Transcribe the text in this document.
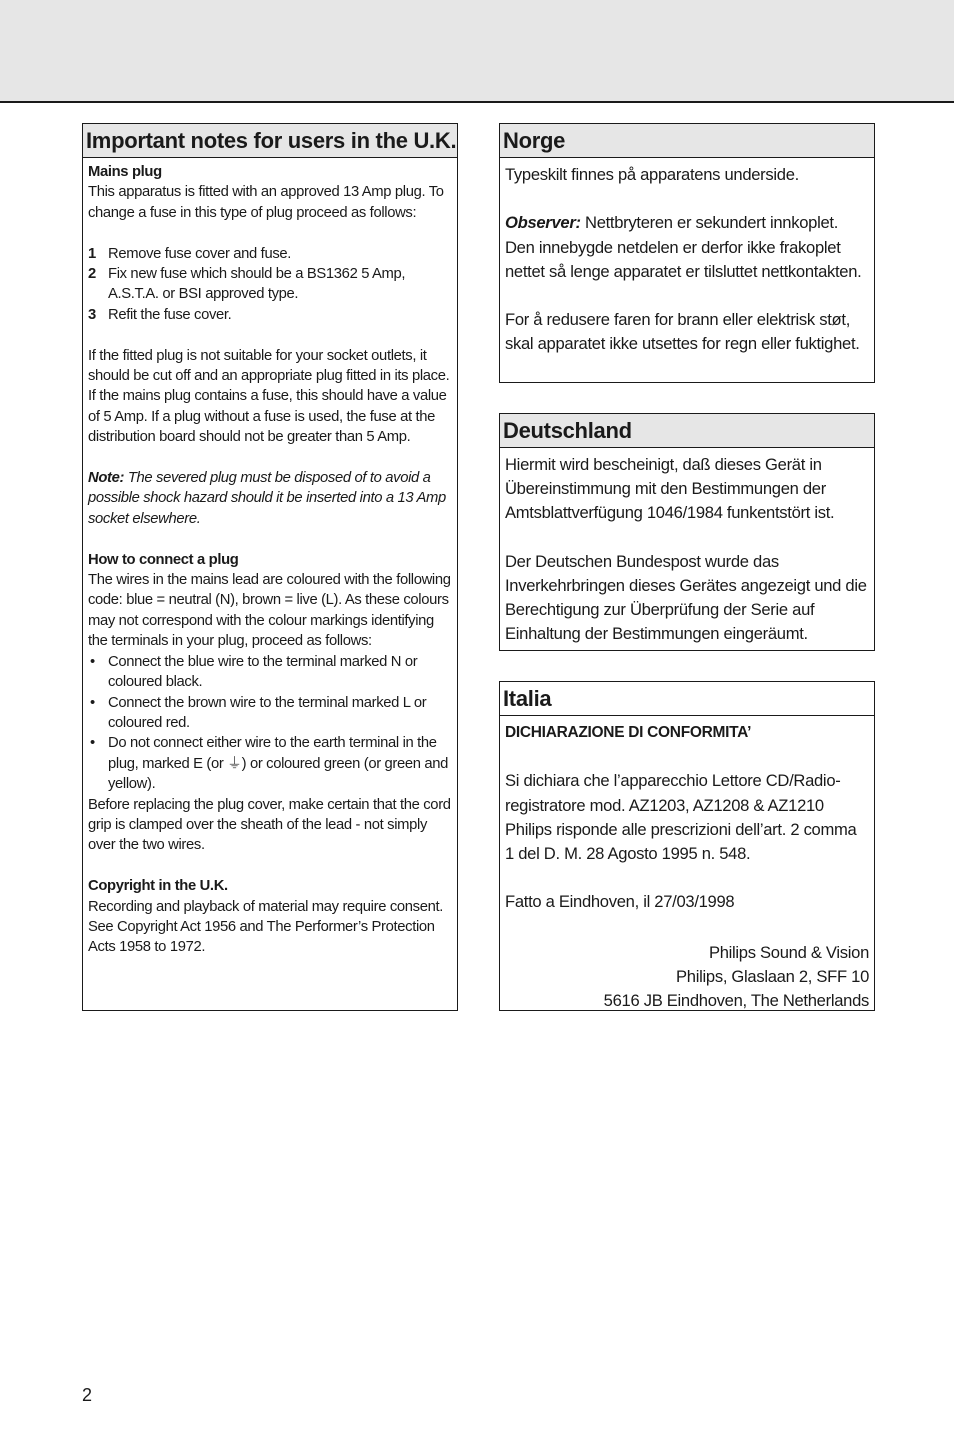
Important notes for users in the U.K.

Mains plug

This apparatus is fitted with an approved 13 Amp plug. To change a fuse in this type of plug proceed as follows:

1 Remove fuse cover and fuse.
2 Fix new fuse which should be a BS1362 5 Amp, A.S.T.A. or BSI approved type.
3 Refit the fuse cover.

If the fitted plug is not suitable for your socket outlets, it should be cut off and an appropriate plug fitted in its place. If the mains plug contains a fuse, this should have a value of 5 Amp. If a plug without a fuse is used, the fuse at the distribution board should not be greater than 5 Amp.

Note: The severed plug must be disposed of to avoid a possible shock hazard should it be inserted into a 13 Amp socket elsewhere.

How to connect a plug

The wires in the mains lead are coloured with the following code: blue = neutral (N), brown = live (L). As these colours may not correspond with the colour markings identifying the terminals in your plug, proceed as follows:

• Connect the blue wire to the terminal marked N or coloured black.
• Connect the brown wire to the terminal marked L or coloured red.
• Do not connect either wire to the earth terminal in the plug, marked E (or ⏚) or coloured green (or green and yellow).

Before replacing the plug cover, make certain that the cord grip is clamped over the sheath of the lead - not simply over the two wires.

Copyright in the U.K.

Recording and playback of material may require consent. See Copyright Act 1956 and The Performer’s Protection Acts 1958 to 1972.

Norge

Typeskilt finnes på apparatens underside.

Observer: Nettbryteren er sekundert innkoplet. Den innebygde netdelen er derfor ikke frakoplet nettet så lenge apparatet er tilsluttet nettkontakten.

For å redusere faren for brann eller elektrisk støt, skal apparatet ikke utsettes for regn eller fuktighet.

Deutschland

Hiermit wird bescheinigt, daß dieses Gerät in Übereinstimmung mit den Bestimmungen der Amtsblattverfügung 1046/1984 funkentstört ist.

Der Deutschen Bundespost wurde das Inverkehrbringen dieses Gerätes angezeigt und die Berechtigung zur Überprüfung der Serie auf Einhaltung der Bestimmungen eingeräumt.

Italia

DICHIARAZIONE DI CONFORMITA’

Si dichiara che l’apparecchio Lettore CD/Radio-registratore mod. AZ1203, AZ1208 & AZ1210 Philips risponde alle prescrizioni dell’art. 2 comma 1 del D. M. 28 Agosto 1995 n. 548.

Fatto a Eindhoven, il 27/03/1998

Philips Sound & Vision

Philips, Glaslaan 2, SFF 10

5616 JB Eindhoven, The Netherlands

2
